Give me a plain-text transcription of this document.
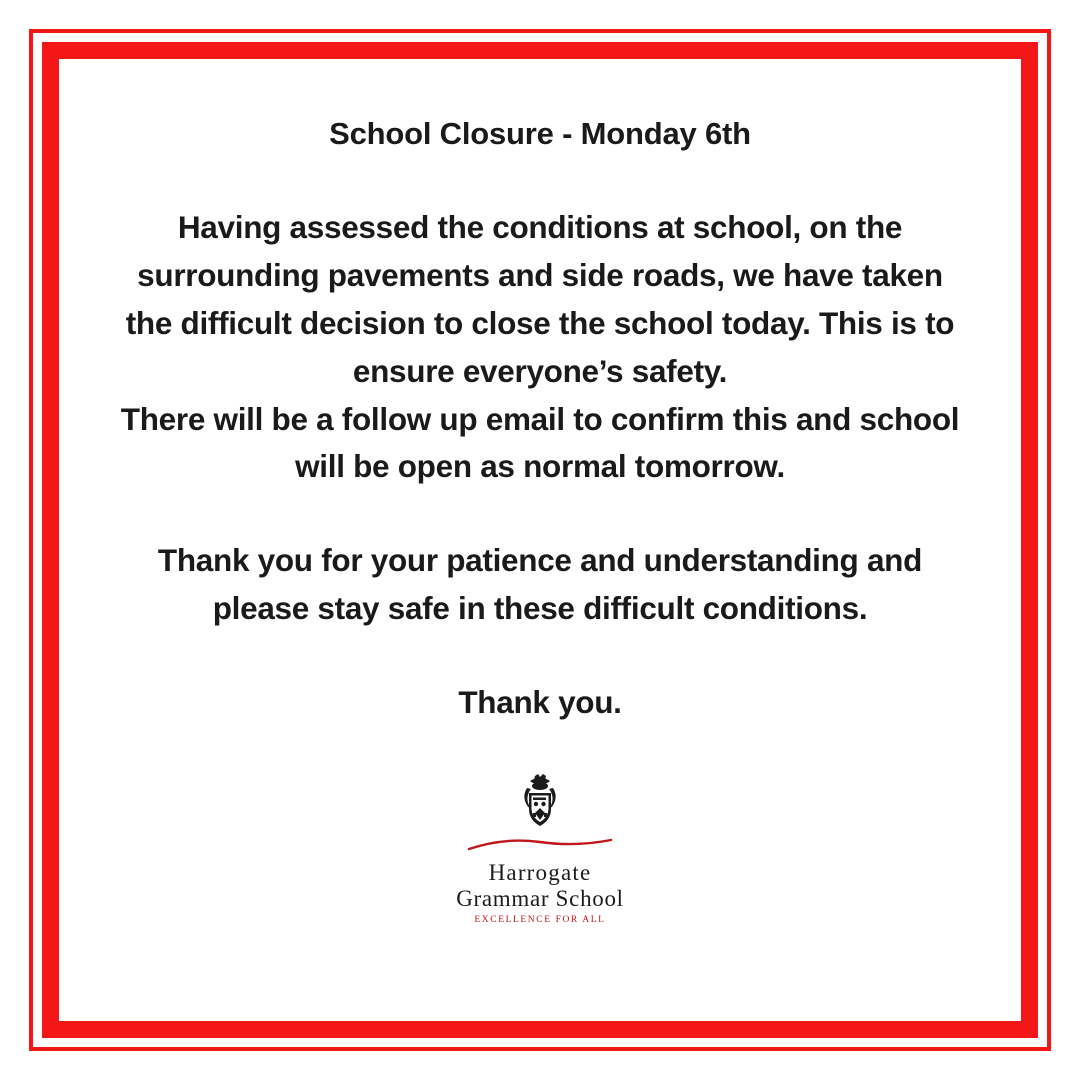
School Closure - Monday 6th
Having assessed the conditions at school, on the surrounding pavements and side roads, we have taken the difficult decision to close the school today. This is to ensure everyone’s safety.
There will be a follow up email to confirm this and school will be open as normal tomorrow.
Thank you for your patience and understanding and please stay safe in these difficult conditions.
Thank you.
Harrogate
Grammar School
EXCELLENCE FOR ALL
